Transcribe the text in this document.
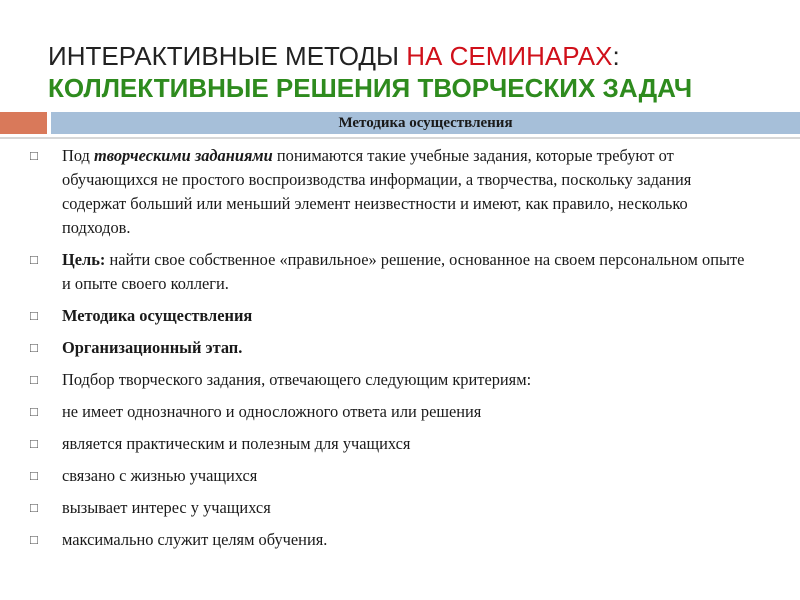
ИНТЕРАКТИВНЫЕ МЕТОДЫ НА СЕМИНАРАХ:
КОЛЛЕКТИВНЫЕ РЕШЕНИЯ ТВОРЧЕСКИХ ЗАДАЧ
Методика осуществления
□ Под творческими заданиями понимаются такие учебные задания, которые требуют от обучающихся не простого воспроизводства информации, а творчества, поскольку задания содержат больший или меньший элемент неизвестности и имеют, как правило, несколько подходов.
□ Цель: найти свое собственное «правильное» решение, основанное на своем персональном опыте и опыте своего коллеги.
□ Методика осуществления
□ Организационный этап.
□ Подбор творческого задания, отвечающего следующим критериям:
□ не имеет однозначного и односложного ответа или решения
□ является практическим и полезным для учащихся
□ связано с жизнью учащихся
□ вызывает интерес у учащихся
□ максимально служит целям обучения.
